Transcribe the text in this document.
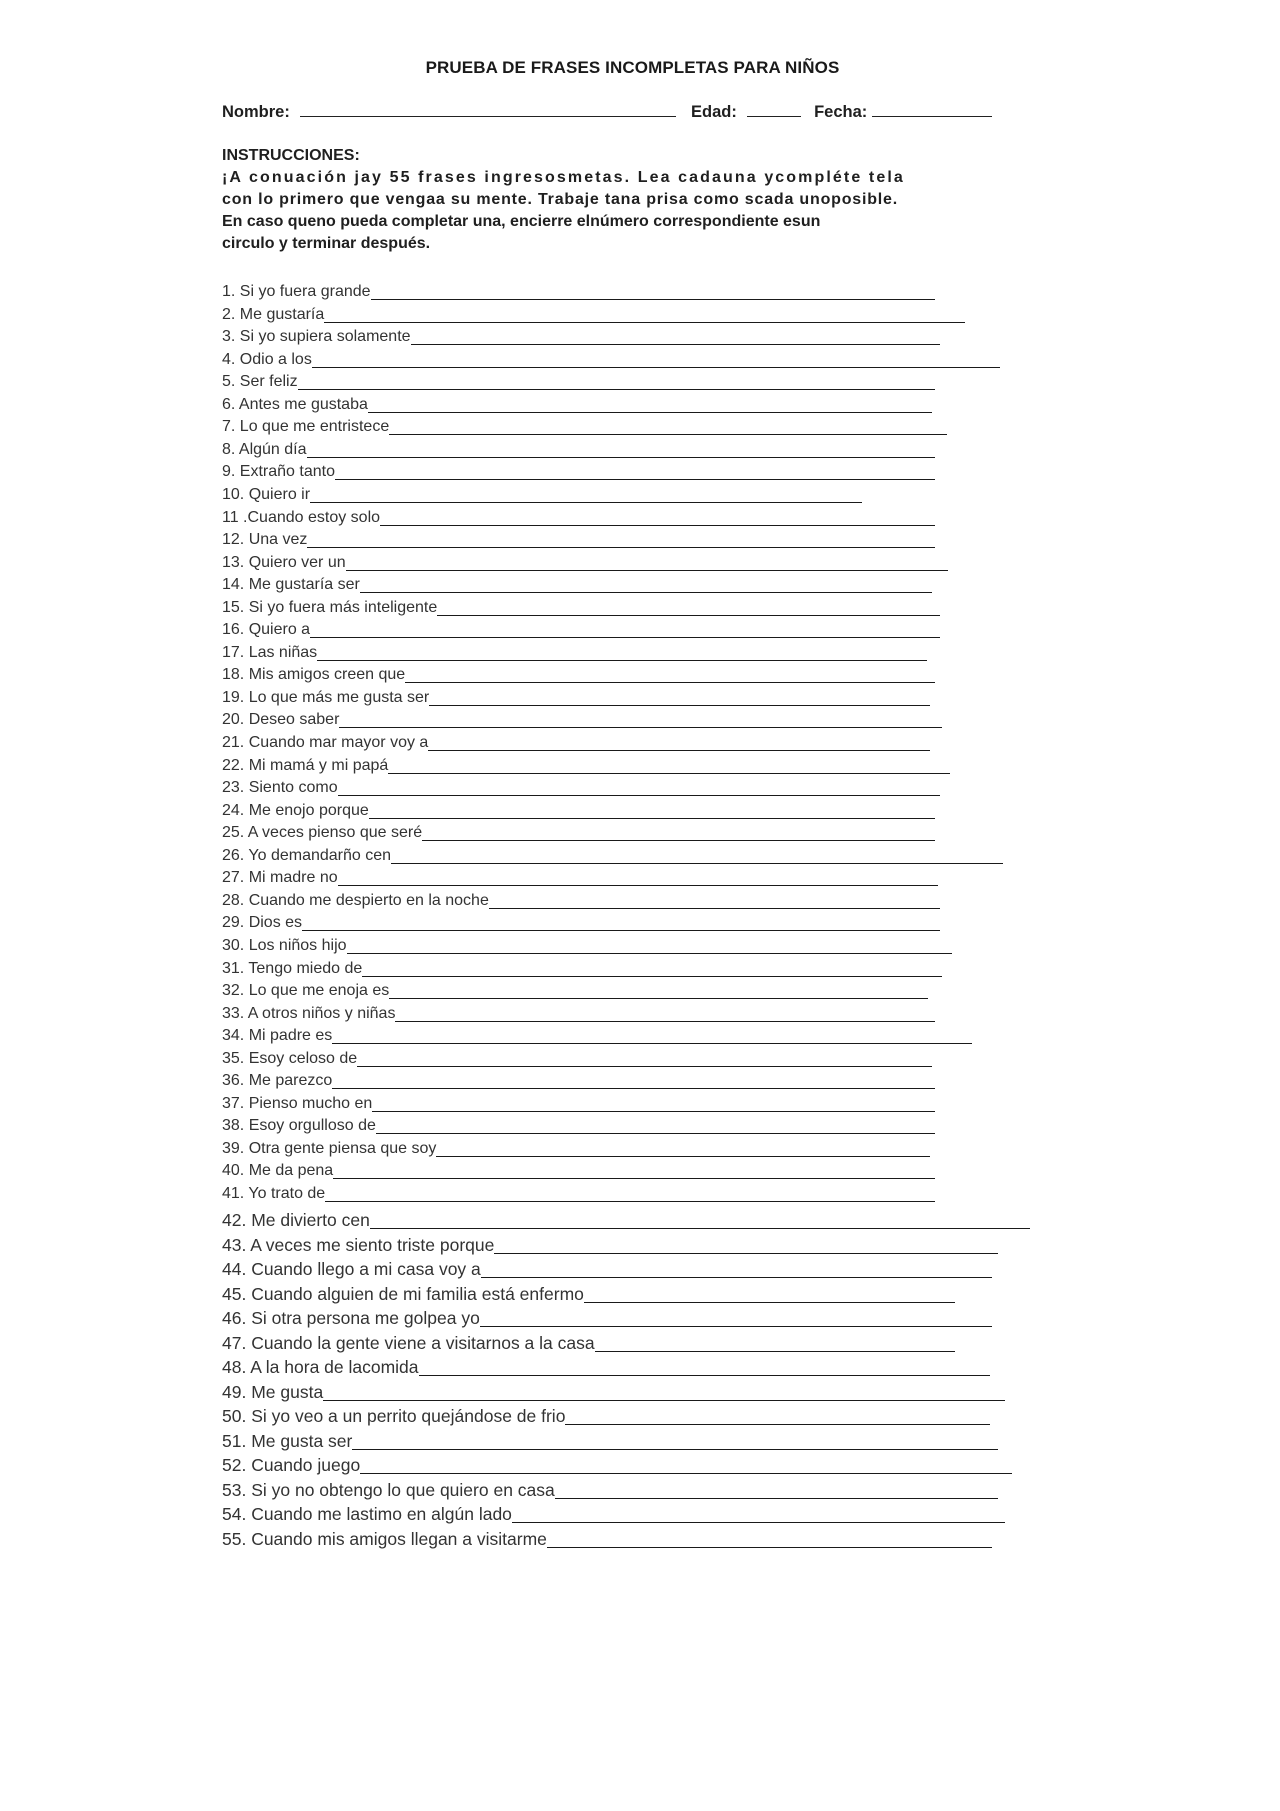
PRUEBA DE FRASES INCOMPLETAS PARA NIÑOS
Nombre:	Edad:	Fecha:
INSTRUCCIONES:
¡A conuación jay 55 frases ingresosmetas. Lea cadauna ycompléte tela
con lo primero que vengaa su mente. Trabaje tana prisa como scada unoposible.
En caso queno pueda completar una, encierre elnúmero correspondiente esun
circulo y terminar después.
1. Si yo fuera grande
2. Me gustaría
3. Si yo supiera solamente
4. Odio a los
5. Ser feliz
6. Antes me gustaba
7. Lo que me entristece
8. Algún día
9. Extraño tanto
10. Quiero ir
11 .Cuando estoy solo
12. Una vez
13. Quiero ver un
14. Me gustaría ser
15. Si yo fuera más inteligente
16. Quiero a
17. Las niñas
18. Mis amigos creen que
19. Lo que más me gusta ser
20. Deseo saber
21. Cuando mar mayor voy a
22. Mi mamá y mi papá
23. Siento como
24. Me enojo porque
25. A veces pienso que seré
26. Yo demandarño cen
27. Mi madre no
28. Cuando me despierto en la noche
29. Dios es
30. Los niños hijo
31. Tengo miedo de
32. Lo que me enoja es
33. A otros niños y niñas
34. Mi padre es
35. Esoy celoso de
36. Me parezco
37. Pienso mucho en
38. Esoy orgulloso de
39. Otra gente piensa que soy
40. Me da pena
41. Yo trato de
42. Me divierto cen
43. A veces me siento triste porque
44. Cuando llego a mi casa voy a
45. Cuando alguien de mi familia está enfermo
46. Si otra persona me golpea yo
47. Cuando la gente viene a visitarnos a la casa
48. A la hora de lacomida
49. Me gusta
50. Si yo veo a un perrito quejándose de frio
51. Me gusta ser
52. Cuando juego
53. Si yo no obtengo lo que quiero en casa
54. Cuando me lastimo en algún lado
55. Cuando mis amigos llegan a visitarme
